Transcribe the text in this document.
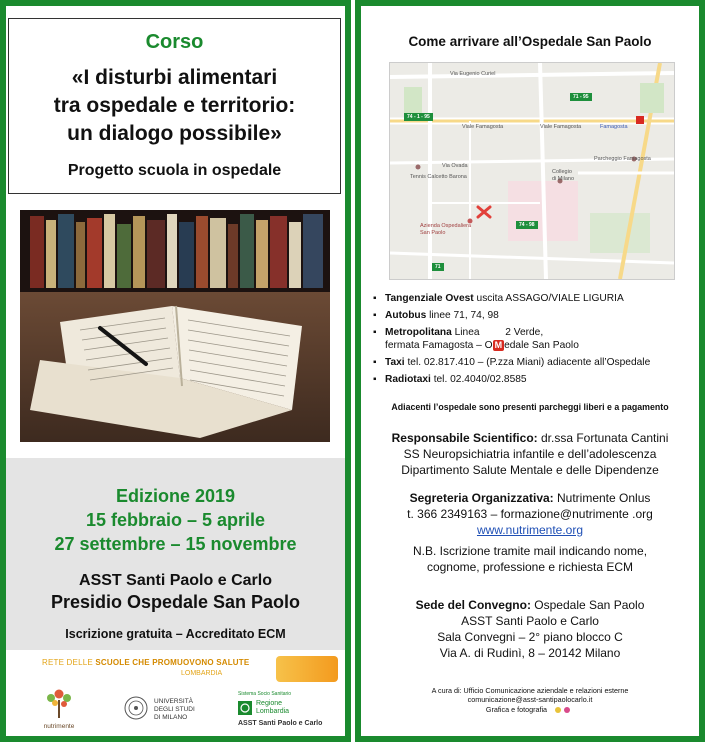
Corso
«I disturbi alimentari
tra ospedale e territorio:
un dialogo possibile»
Progetto scuola in ospedale
Edizione 2019
15 febbraio – 5 aprile
27 settembre – 15 novembre
ASST Santi Paolo e Carlo
Presidio Ospedale San Paolo
Iscrizione gratuita – Accreditato ECM
RETE DELLE SCUOLE CHE PROMUOVONO SALUTE
LOMBARDIA
nutrimente
UNIVERSITÀ
DEGLI STUDI
DI MILANO
Sistema Socio Sanitario
Regione
Lombardia
ASST Santi Paolo e Carlo
Come arrivare all’Ospedale San Paolo
Via Eugenio Curiel
Viale Famagosta	Viale Famagosta	Famagosta
Via Ovada
Tennis Calcetto Barona
Collegio
di Milano
Parcheggio Famagosta
Azienda Ospedaliera
San Paolo
71 - 95
74 - 1 - 95
74 - 98
71
▪ Tangenziale Ovest uscita ASSAGO/VIALE LIGURIA
▪ Autobus linee 71, 74, 98
▪ Metropolitana Linea  2 Verde,
fermata Famagosta – O M edale San Paolo
▪ Taxi tel. 02.817.410 – (P.zza Miani) adiacente all’Ospedale
▪ Radiotaxi tel. 02.4040/02.8585
Adiacenti l’ospedale sono presenti parcheggi liberi e a pagamento
Responsabile Scientifico: dr.ssa Fortunata Cantini
SS Neuropsichiatria infantile e dell’adolescenza
Dipartimento Salute Mentale e delle Dipendenze
Segreteria Organizzativa: Nutrimente Onlus
t. 366 2349163 – formazione@nutrimente .org
www.nutrimente.org
N.B. Iscrizione tramite mail indicando nome,
cognome, professione e richiesta ECM
Sede del Convegno: Ospedale San Paolo
ASST Santi Paolo e Carlo
Sala Convegni – 2° piano blocco C
Via A. di Rudinì, 8 – 20142 Milano
A cura di: Ufficio Comunicazione aziendale e relazioni esterne
comunicazione@asst-santipaolocarlo.it
Grafica e fotografia
